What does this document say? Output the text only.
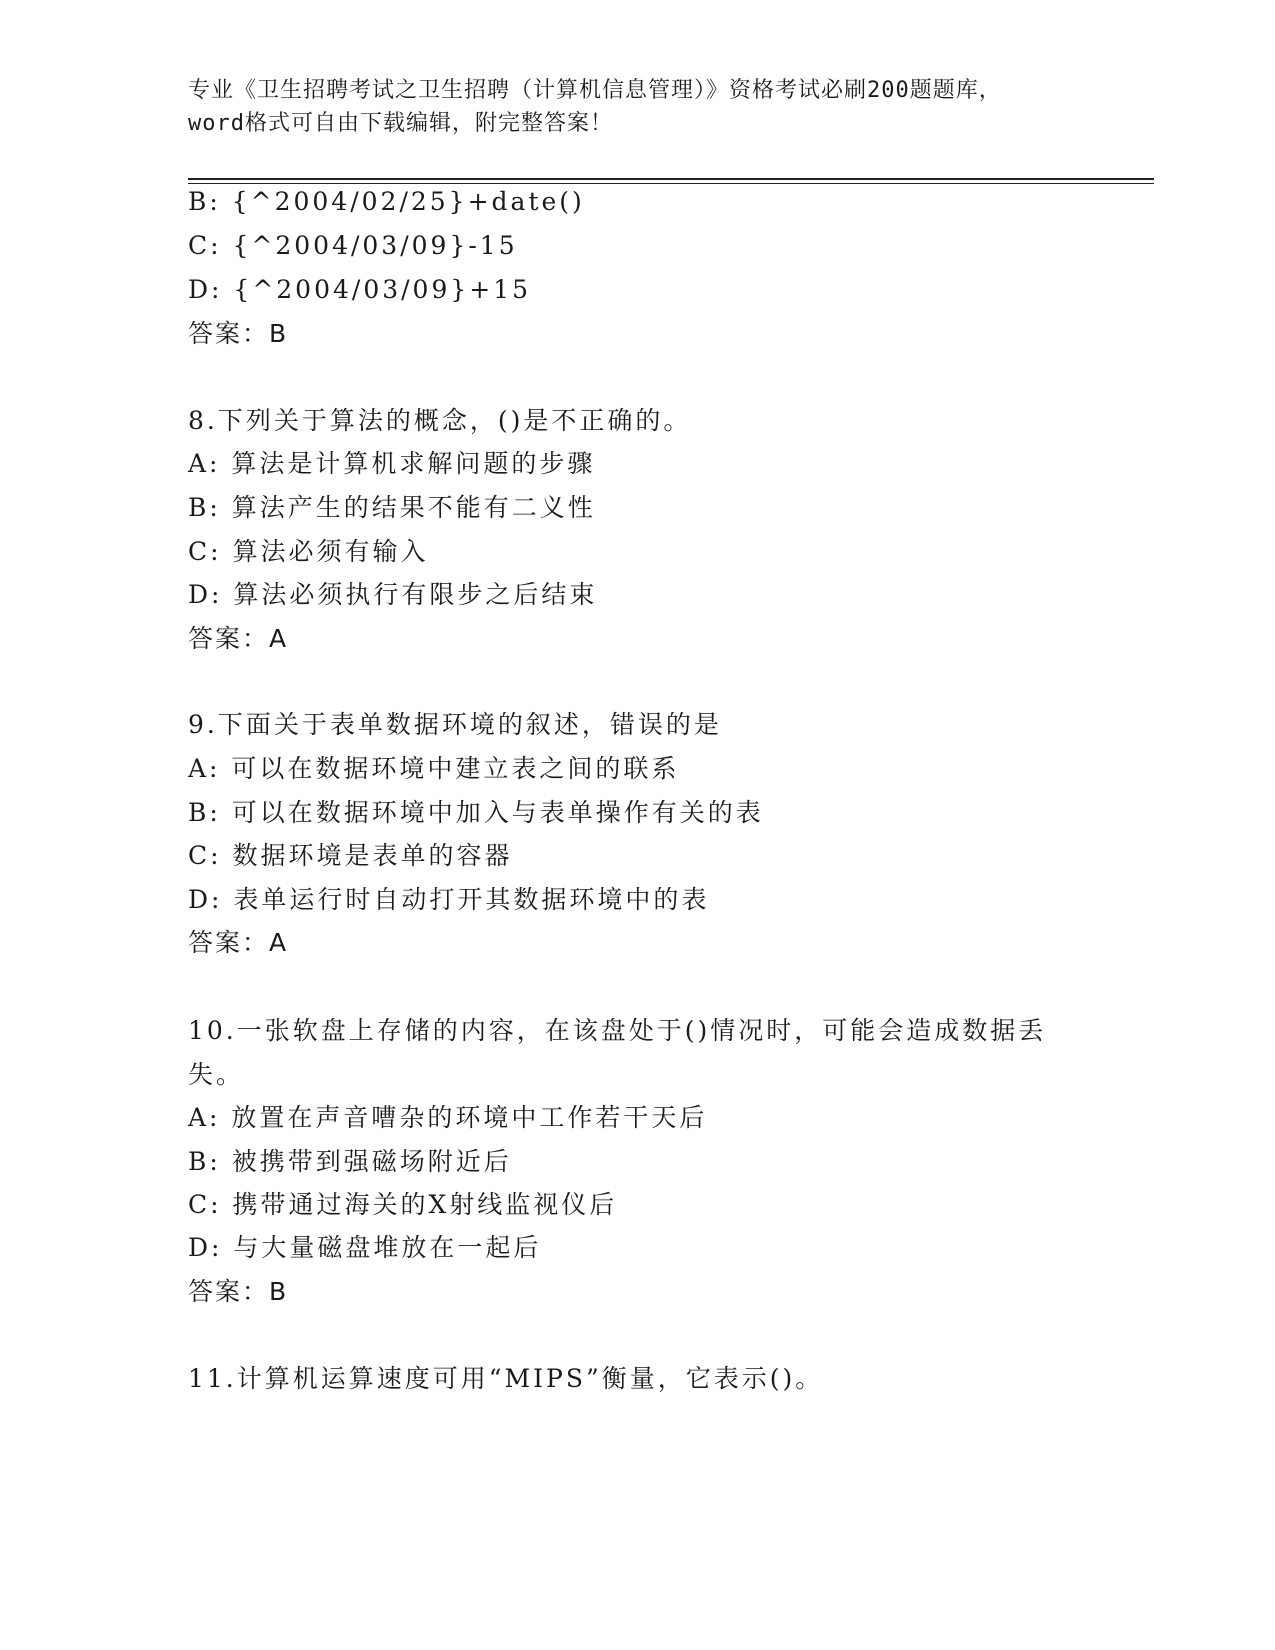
专业《卫生招聘考试之卫生招聘（计算机信息管理）》资格考试必刷200题题库，
word格式可自由下载编辑，附完整答案！
B: {^2004/02/25}+date()
C: {^2004/03/09}-15
D: {^2004/03/09}+15
答案：B
8.下列关于算法的概念，()是不正确的。
A: 算法是计算机求解问题的步骤
B: 算法产生的结果不能有二义性
C: 算法必须有输入
D: 算法必须执行有限步之后结束
答案：A
9.下面关于表单数据环境的叙述，错误的是
A: 可以在数据环境中建立表之间的联系
B: 可以在数据环境中加入与表单操作有关的表
C: 数据环境是表单的容器
D: 表单运行时自动打开其数据环境中的表
答案：A
10.一张软盘上存储的内容，在该盘处于()情况时，可能会造成数据丢
失。
A: 放置在声音嘈杂的环境中工作若干天后
B: 被携带到强磁场附近后
C: 携带通过海关的X射线监视仪后
D: 与大量磁盘堆放在一起后
答案：B
11.计算机运算速度可用“MIPS”衡量，它表示()。
